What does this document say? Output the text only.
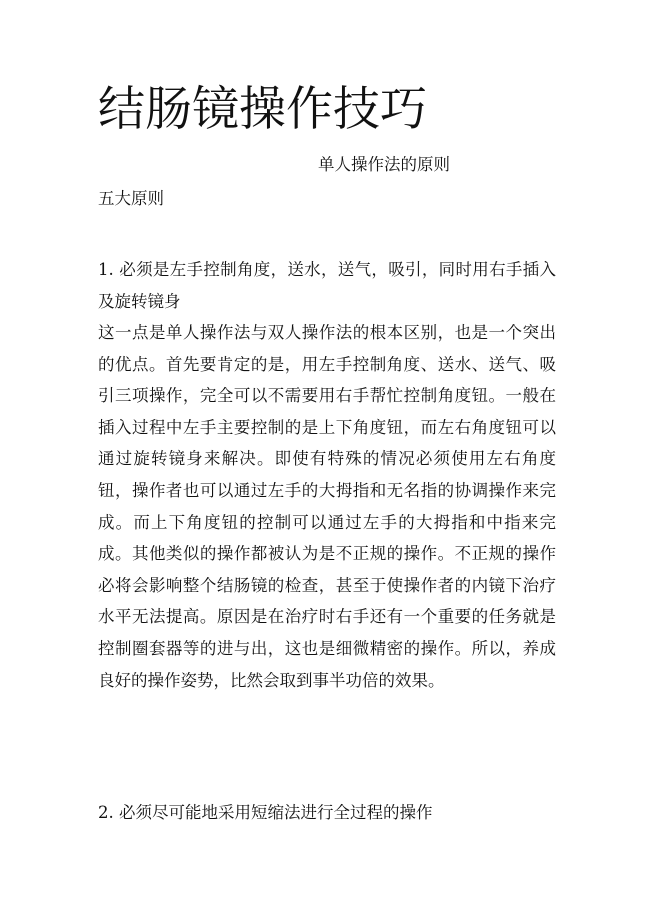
结肠镜操作技巧
单人操作法的原则
五大原则

1. 必须是左手控制角度，送水，送气，吸引，同时用右手插入及旋转镜身

这一点是单人操作法与双人操作法的根本区别，也是一个突出的优点。首先要肯定的是，用左手控制角度、送水、送气、吸引三项操作，完全可以不需要用右手帮忙控制角度钮。一般在插入过程中左手主要控制的是上下角度钮，而左右角度钮可以通过旋转镜身来解决。即使有特殊的情况必须使用左右角度钮，操作者也可以通过左手的大拇指和无名指的协调操作来完成。而上下角度钮的控制可以通过左手的大拇指和中指来完成。其他类似的操作都被认为是不正规的操作。不正规的操作必将会影响整个结肠镜的检查，甚至于使操作者的内镜下治疗水平无法提高。原因是在治疗时右手还有一个重要的任务就是控制圈套器等的进与出，这也是细微精密的操作。所以，养成良好的操作姿势，比然会取到事半功倍的效果。

2. 必须尽可能地采用短缩法进行全过程的操作
